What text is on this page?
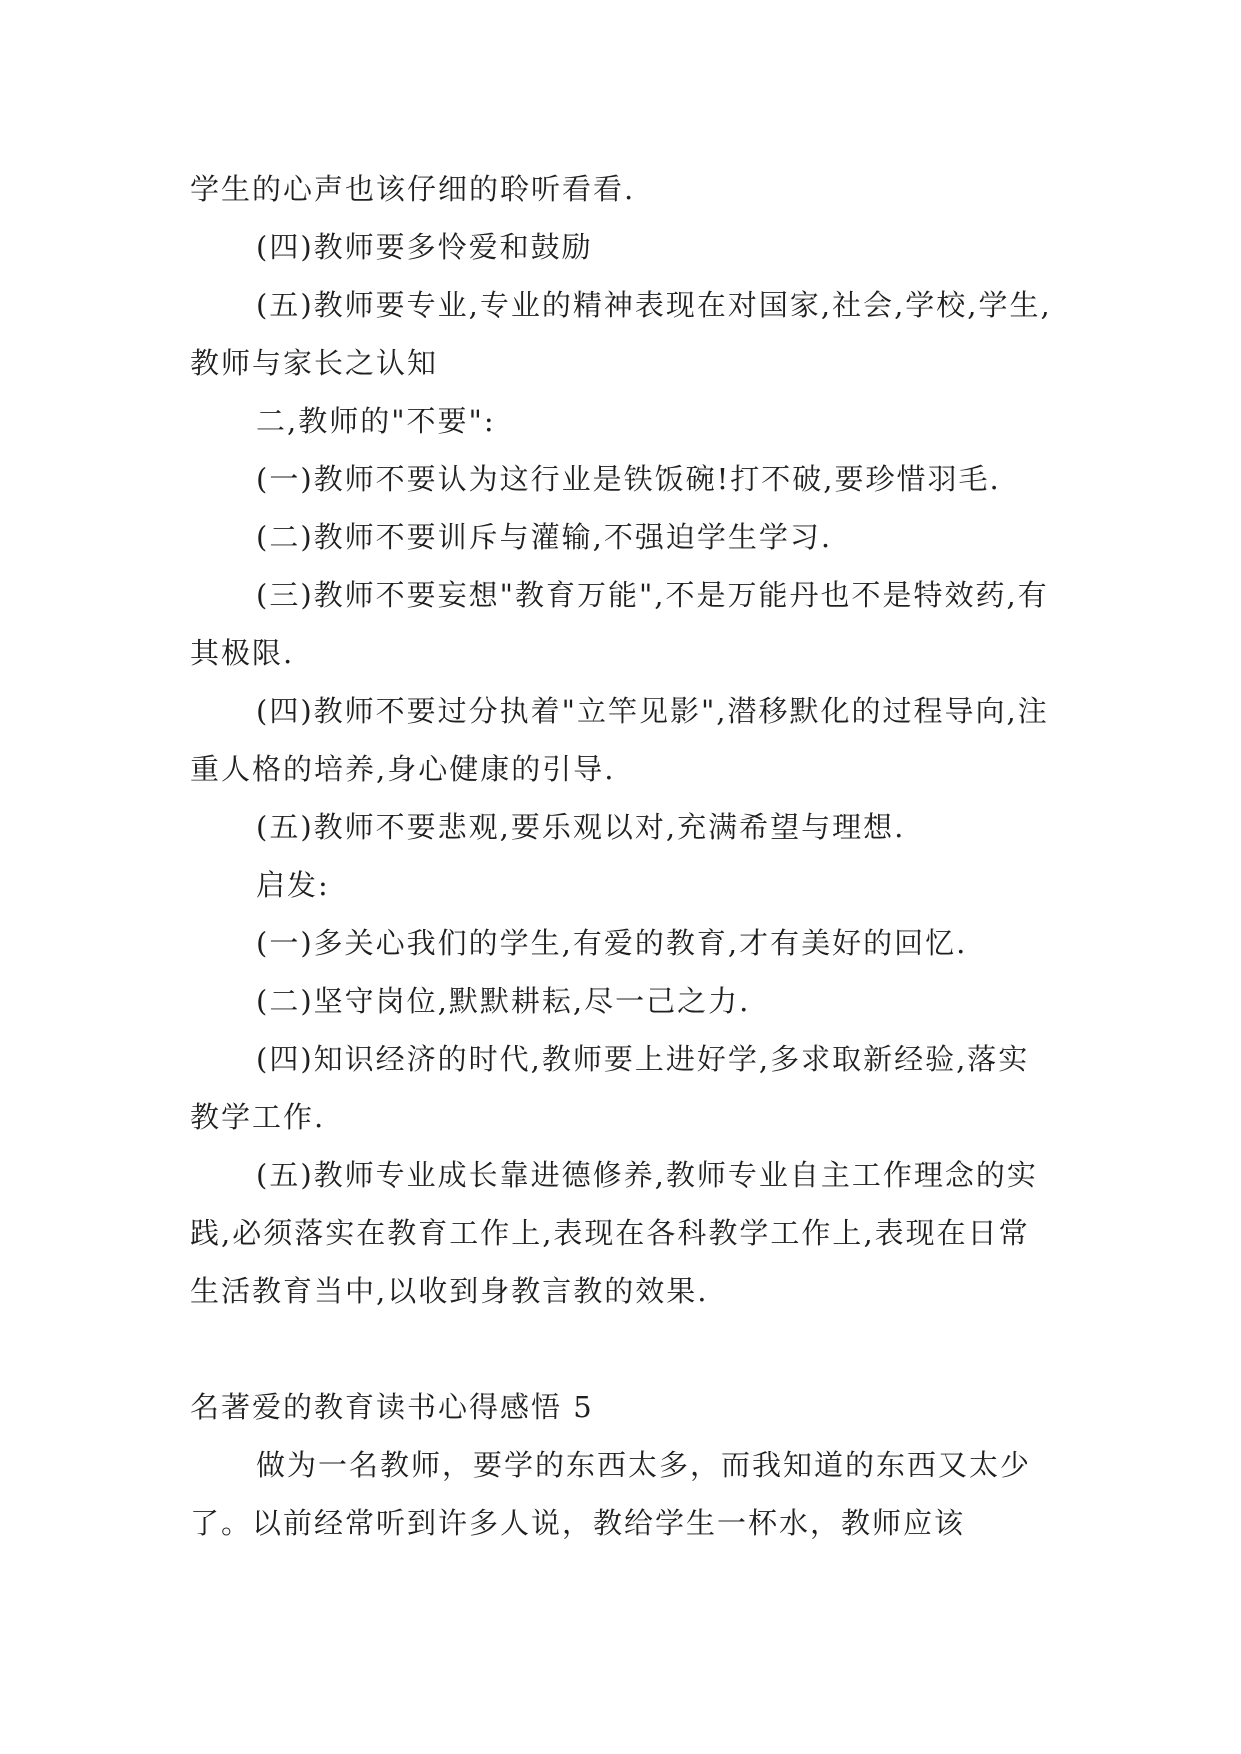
学生的心声也该仔细的聆听看看.

(四)教师要多怜爱和鼓励

(五)教师要专业,专业的精神表现在对国家,社会,学校,学生,教师与家长之认知

二,教师的"不要":

(一)教师不要认为这行业是铁饭碗!打不破,要珍惜羽毛.

(二)教师不要训斥与灌输,不强迫学生学习.

(三)教师不要妄想"教育万能",不是万能丹也不是特效药,有其极限.

(四)教师不要过分执着"立竿见影",潜移默化的过程导向,注重人格的培养,身心健康的引导.

(五)教师不要悲观,要乐观以对,充满希望与理想.

启发:

(一)多关心我们的学生,有爱的教育,才有美好的回忆.

(二)坚守岗位,默默耕耘,尽一己之力.

(四)知识经济的时代,教师要上进好学,多求取新经验,落实教学工作.

(五)教师专业成长靠进德修养,教师专业自主工作理念的实践,必须落实在教育工作上,表现在各科教学工作上,表现在日常生活教育当中,以收到身教言教的效果.

名著爱的教育读书心得感悟 5

做为一名教师，要学的东西太多，而我知道的东西又太少了。以前经常听到许多人说，教给学生一杯水，教师应该
